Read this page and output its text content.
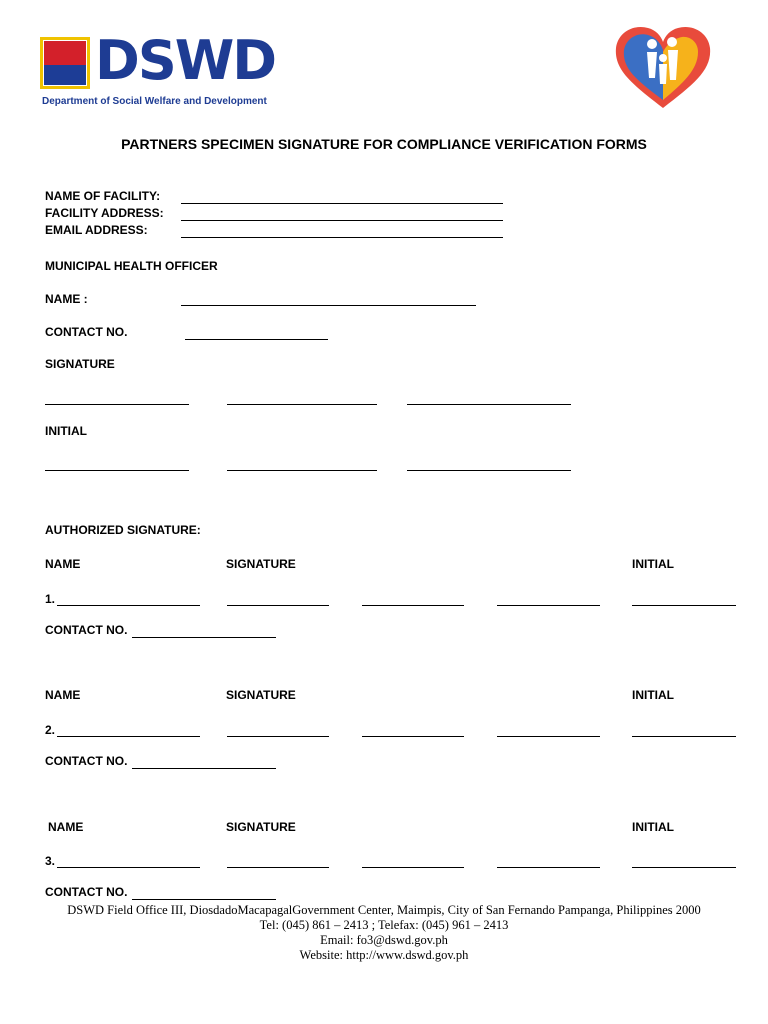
DSWD
Department of Social Welfare and Development
PARTNERS SPECIMEN SIGNATURE FOR COMPLIANCE VERIFICATION FORMS
NAME OF FACILITY:
FACILITY ADDRESS:
EMAIL ADDRESS:
MUNICIPAL HEALTH OFFICER
NAME :
CONTACT NO.
SIGNATURE
INITIAL
AUTHORIZED SIGNATURE:
NAME	SIGNATURE	INITIAL
1.
CONTACT NO.
NAME	SIGNATURE	INITIAL
2.
CONTACT NO.
NAME	SIGNATURE	INITIAL
3.
CONTACT NO.
DSWD Field Office III, DiosdadoMacapagalGovernment Center, Maimpis, City of San Fernando Pampanga, Philippines 2000
Tel: (045) 861 – 2413 ; Telefax: (045) 961 – 2413
Email: fo3@dswd.gov.ph
Website: http://www.dswd.gov.ph
